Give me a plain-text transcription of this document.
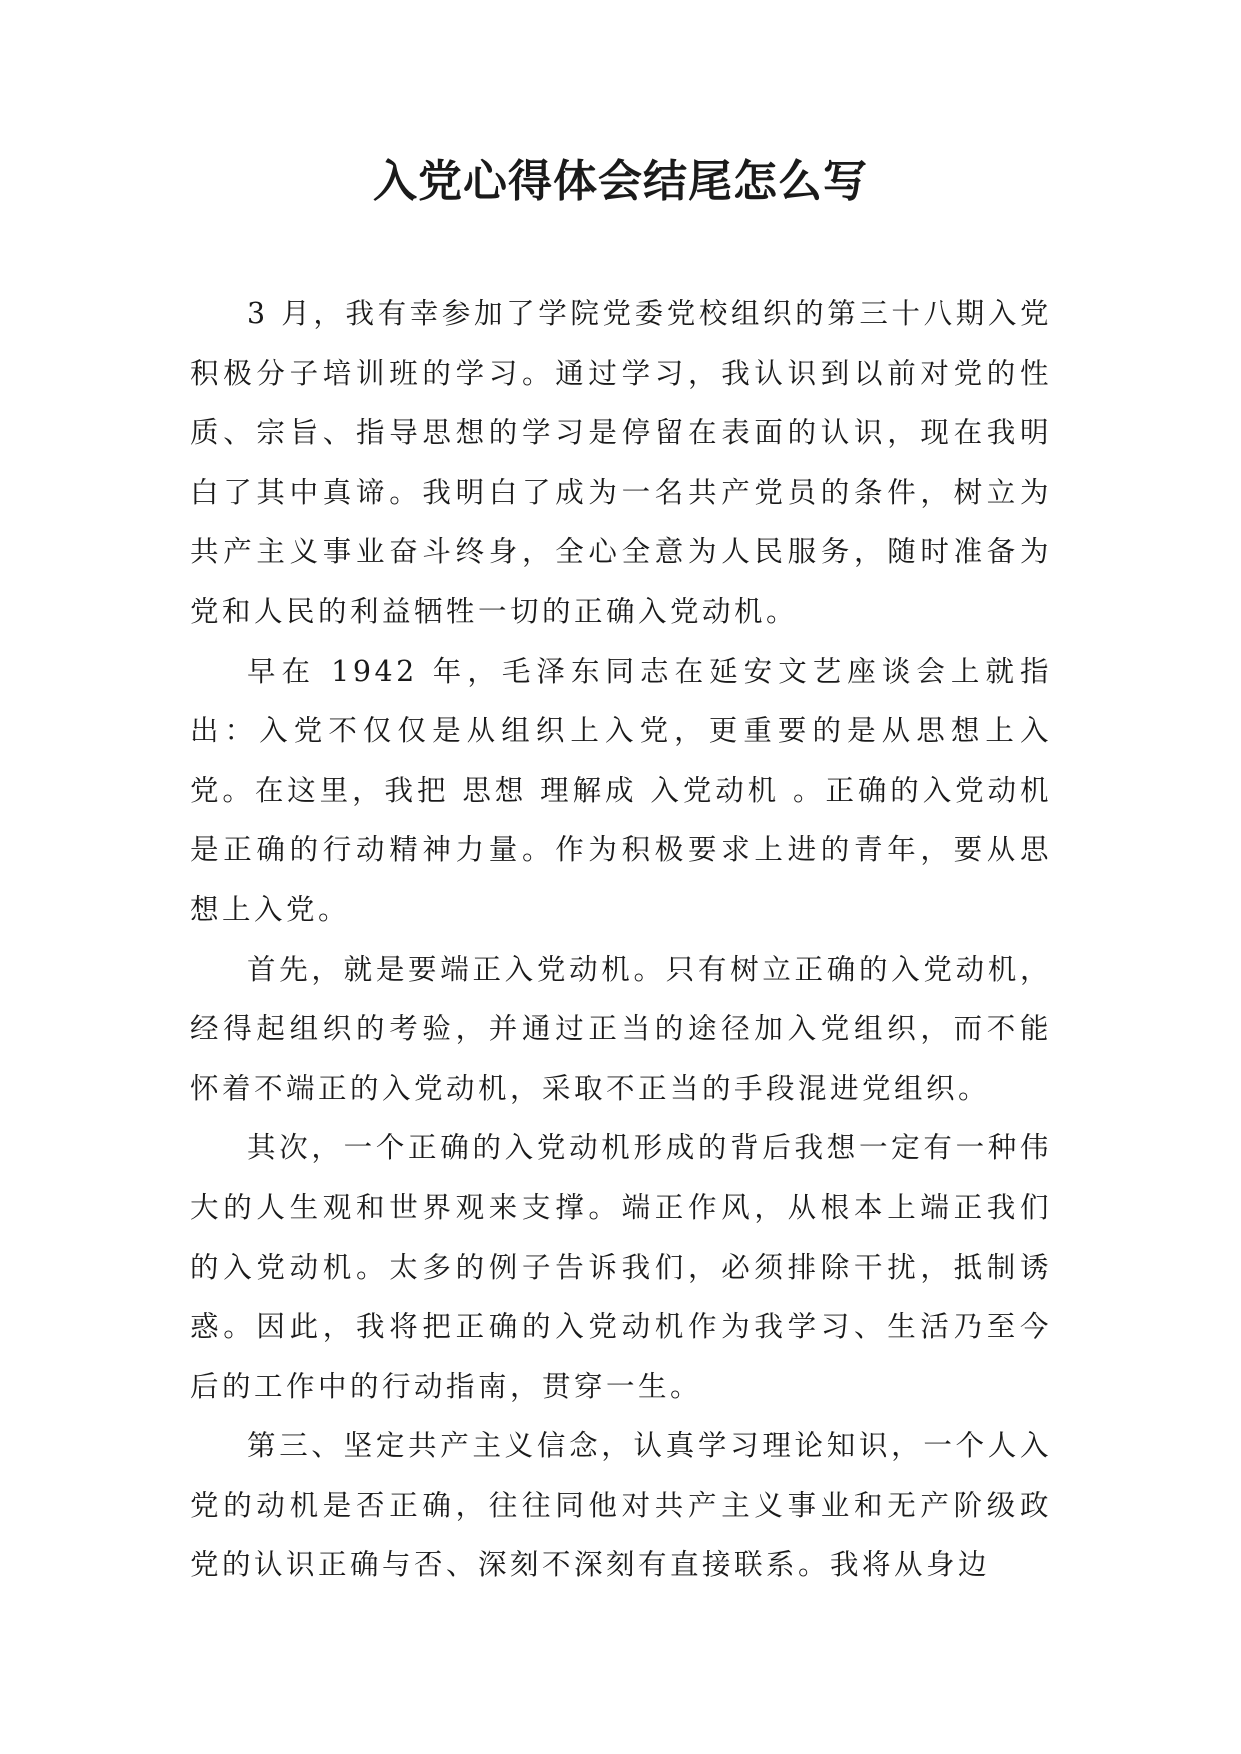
入党心得体会结尾怎么写

3 月，我有幸参加了学院党委党校组织的第三十八期入党积极分子培训班的学习。通过学习，我认识到以前对党的性质、宗旨、指导思想的学习是停留在表面的认识，现在我明白了其中真谛。我明白了成为一名共产党员的条件，树立为共产主义事业奋斗终身，全心全意为人民服务，随时准备为党和人民的利益牺牲一切的正确入党动机。

早在 1942 年，毛泽东同志在延安文艺座谈会上就指出：入党不仅仅是从组织上入党，更重要的是从思想上入党。在这里，我把 思想 理解成 入党动机 。正确的入党动机是正确的行动精神力量。作为积极要求上进的青年，要从思想上入党。

首先，就是要端正入党动机。只有树立正确的入党动机，经得起组织的考验，并通过正当的途径加入党组织，而不能怀着不端正的入党动机，采取不正当的手段混进党组织。

其次，一个正确的入党动机形成的背后我想一定有一种伟大的人生观和世界观来支撑。端正作风，从根本上端正我们的入党动机。太多的例子告诉我们，必须排除干扰，抵制诱惑。因此，我将把正确的入党动机作为我学习、生活乃至今后的工作中的行动指南，贯穿一生。

第三、坚定共产主义信念，认真学习理论知识，一个人入党的动机是否正确，往往同他对共产主义事业和无产阶级政党的认识正确与否、深刻不深刻有直接联系。我将从身边
